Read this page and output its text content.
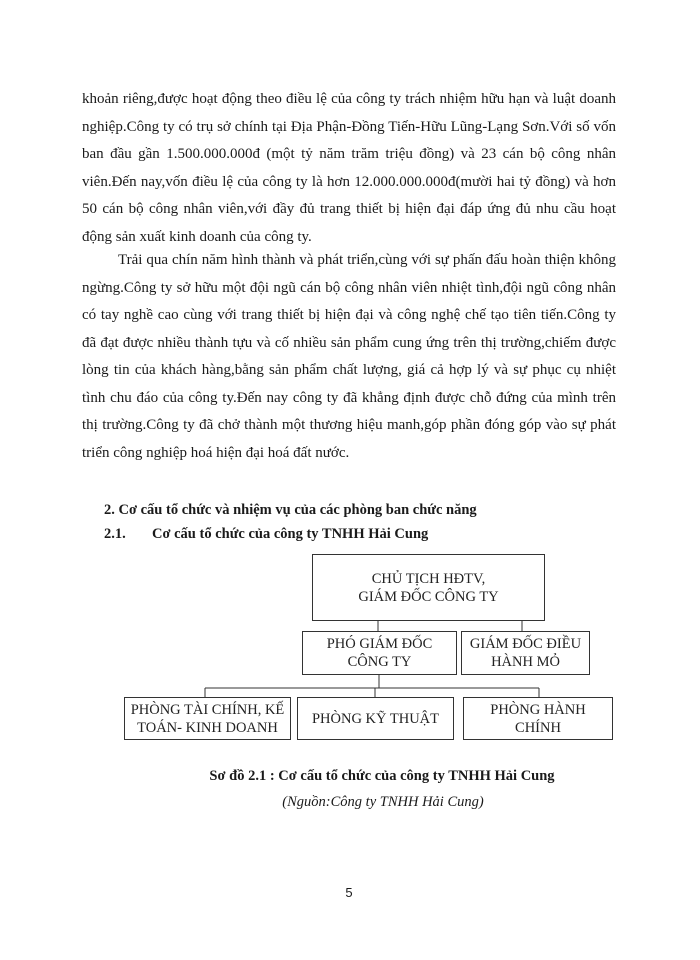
khoản riêng,được hoạt động theo điều lệ của công ty trách nhiệm hữu hạn và luật doanh nghiệp.Công ty có trụ sở chính tại Địa Phận-Đồng Tiến-Hữu Lũng-Lạng Sơn.Với số vốn ban đầu gần 1.500.000.000đ (một tỷ năm trăm triệu đồng) và 23 cán bộ công nhân viên.Đến nay,vốn điều lệ của công ty là hơn 12.000.000.000đ(mười hai tỷ đồng) và hơn 50 cán bộ công nhân viên,với đầy đủ trang thiết bị hiện đại đáp ứng đủ nhu cầu hoạt động sản xuất kinh doanh của công ty.

Trải qua chín năm hình thành và phát triển,cùng với sự phấn đấu hoàn thiện không ngừng.Công ty sở hữu một đội ngũ cán bộ công nhân viên nhiệt tình,đội ngũ công nhân có tay nghề cao cùng với trang thiết bị hiện đại và công nghệ chế tạo tiên tiến.Công ty đã đạt được nhiều thành tựu và cố nhiều sản phẩm cung ứng trên thị trường,chiếm được lòng tin của khách hàng,bằng sản phẩm chất lượng, giá cả hợp lý và sự phục cụ nhiệt tình chu đáo của công ty.Đến nay công ty đã khẳng định được chỗ đứng của mình trên thị trường.Công ty đã chở thành một thương hiệu manh,góp phần đóng góp vào sự phát triển công nghiệp hoá hiện đại hoá đất nước.

2. Cơ cấu tổ chức và nhiệm vụ của các phòng ban chức năng
2.1. Cơ cấu tổ chức của công ty TNHH Hải Cung
CHỦ TỊCH HĐTV,
GIÁM ĐỐC CÔNG TY
PHÓ GIÁM ĐỐC CÔNG TY
GIÁM ĐỐC ĐIỀU HÀNH MỎ
PHÒNG TÀI CHÍNH, KẾ TOÁN- KINH DOANH
PHÒNG KỸ THUẬT
PHÒNG HÀNH CHÍNH
Sơ đồ 2.1 : Cơ cấu tổ chức của công ty TNHH Hải Cung
(Nguồn:Công ty TNHH Hải Cung)
5
